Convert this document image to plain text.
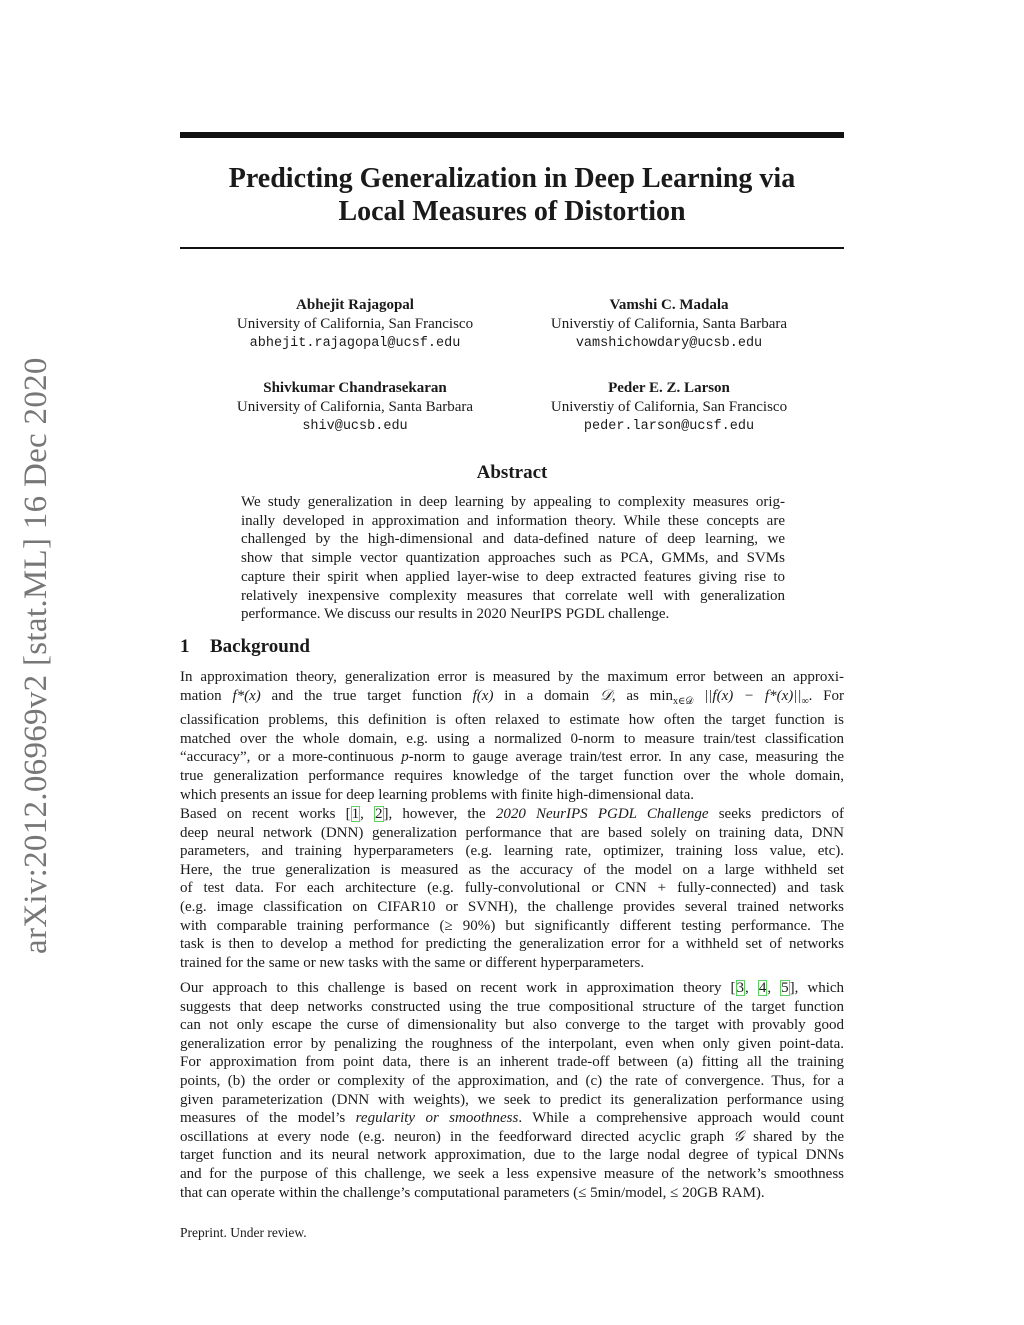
arXiv:2012.06969v2 [stat.ML] 16 Dec 2020
Predicting Generalization in Deep Learning via
Local Measures of Distortion
Abhejit Rajagopal
University of California, San Francisco
abhejit.rajagopal@ucsf.edu
Vamshi C. Madala
Universtiy of California, Santa Barbara
vamshichowdary@ucsb.edu
Shivkumar Chandrasekaran
University of California, Santa Barbara
shiv@ucsb.edu
Peder E. Z. Larson
Universtiy of California, San Francisco
peder.larson@ucsf.edu
Abstract
We study generalization in deep learning by appealing to complexity measures orig-
inally developed in approximation and information theory. While these concepts are
challenged by the high-dimensional and data-defined nature of deep learning, we
show that simple vector quantization approaches such as PCA, GMMs, and SVMs
capture their spirit when applied layer-wise to deep extracted features giving rise to
relatively inexpensive complexity measures that correlate well with generalization
performance. We discuss our results in 2020 NeurIPS PGDL challenge.
1 Background
In approximation theory, generalization error is measured by the maximum error between an approxi-
mation f*(x) and the true target function f(x) in a domain 𝒟, as $\min_{x\in 𝒟} ||f(x) - f*(x)||_\infty$. For
classification problems, this definition is often relaxed to estimate how often the target function is
matched over the whole domain, e.g. using a normalized 0-norm to measure train/test classification
“accuracy”, or a more-continuous p-norm to gauge average train/test error. In any case, measuring the
true generalization performance requires knowledge of the target function over the whole domain,
which presents an issue for deep learning problems with finite high-dimensional data.
Based on recent works [1, 2], however, the 2020 NeurIPS PGDL Challenge seeks predictors of
deep neural network (DNN) generalization performance that are based solely on training data, DNN
parameters, and training hyperparameters (e.g. learning rate, optimizer, training loss value, etc).
Here, the true generalization is measured as the accuracy of the model on a large withheld set
of test data. For each architecture (e.g. fully-convolutional or CNN + fully-connected) and task
(e.g. image classification on CIFAR10 or SVNH), the challenge provides several trained networks
with comparable training performance (≥ 90%) but significantly different testing performance. The
task is then to develop a method for predicting the generalization error for a withheld set of networks
trained for the same or new tasks with the same or different hyperparameters.
Our approach to this challenge is based on recent work in approximation theory [3, 4, 5], which
suggests that deep networks constructed using the true compositional structure of the target function
can not only escape the curse of dimensionality but also converge to the target with provably good
generalization error by penalizing the roughness of the interpolant, even when only given point-data.
For approximation from point data, there is an inherent trade-off between (a) fitting all the training
points, (b) the order or complexity of the approximation, and (c) the rate of convergence. Thus, for a
given parameterization (DNN with weights), we seek to predict its generalization performance using
measures of the model’s regularity or smoothness. While a comprehensive approach would count
oscillations at every node (e.g. neuron) in the feedforward directed acyclic graph 𝒢 shared by the
target function and its neural network approximation, due to the large nodal degree of typical DNNs
and for the purpose of this challenge, we seek a less expensive measure of the network’s smoothness
that can operate within the challenge’s computational parameters (≤ 5min/model, ≤ 20GB RAM).
Preprint. Under review.
